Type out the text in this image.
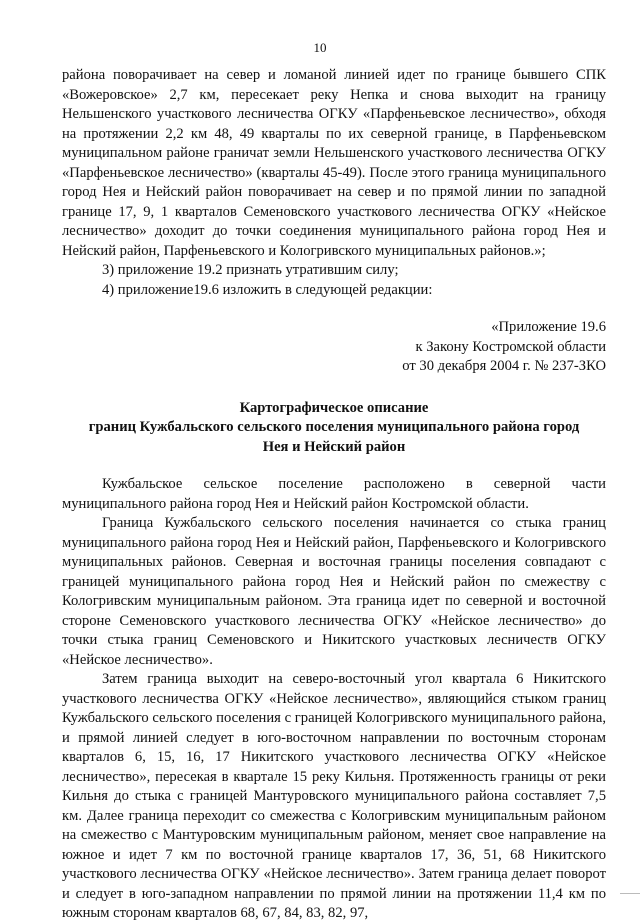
10

района поворачивает на север и ломаной линией идет по границе бывшего СПК «Вожеровское» 2,7 км, пересекает реку Непка и снова выходит на границу Нельшенского участкового лесничества ОГКУ «Парфеньевское лесничество», обходя на протяжении 2,2 км 48, 49 кварталы по их северной границе, в Парфеньевском муниципальном районе граничат земли Нельшенского участкового лесничества ОГКУ «Парфеньевское лесничество» (кварталы 45-49). После этого граница муниципального город Нея и Нейский район поворачивает на север и по прямой линии по западной границе 17, 9, 1 кварталов Семеновского участкового лесничества ОГКУ «Нейское лесничество» доходит до точки соединения муниципального района город Нея и Нейский район, Парфеньевского и Кологривского муниципальных районов.»;

3) приложение 19.2 признать утратившим силу;

4) приложение19.6 изложить в следующей редакции:

«Приложение 19.6

к Закону Костромской области

от 30 декабря 2004 г. № 237-ЗКО

Картографическое описание
границ Кужбальского сельского поселения муниципального района город
Нея и Нейский район

Кужбальское сельское поселение расположено в северной части муниципального района город Нея и Нейский район Костромской области.

Граница Кужбальского сельского поселения начинается со стыка границ муниципального района город Нея и Нейский район, Парфеньевского и Кологривского муниципальных районов. Северная и восточная границы поселения совпадают с границей муниципального района город Нея и Нейский район по смежеству с Кологривским муниципальным районом. Эта граница идет по северной и восточной стороне Семеновского участкового лесничества ОГКУ «Нейское лесничество» до точки стыка границ Семеновского и Никитского участковых лесничеств ОГКУ «Нейское лесничество».

Затем граница выходит на северо-восточный угол квартала 6 Никитского участкового лесничества ОГКУ «Нейское лесничество», являющийся стыком границ Кужбальского сельского поселения с границей Кологривского муниципального района, и прямой линией следует в юго-восточном направлении по восточным сторонам кварталов 6, 15, 16, 17 Никитского участкового лесничества ОГКУ «Нейское лесничество», пересекая в квартале 15 реку Кильня. Протяженность границы от реки Кильня до стыка с границей Мантуровского муниципального района составляет 7,5 км. Далее граница переходит со смежества с Кологривским муниципальным районом на смежество с Мантуровским муниципальным районом, меняет свое направление на южное и идет 7 км по восточной границе кварталов 17, 36, 51, 68 Никитского участкового лесничества ОГКУ «Нейское лесничество». Затем граница делает поворот и следует в юго-западном направлении по прямой линии на протяжении 11,4 км по южным сторонам кварталов 68, 67, 84, 83, 82, 97,
